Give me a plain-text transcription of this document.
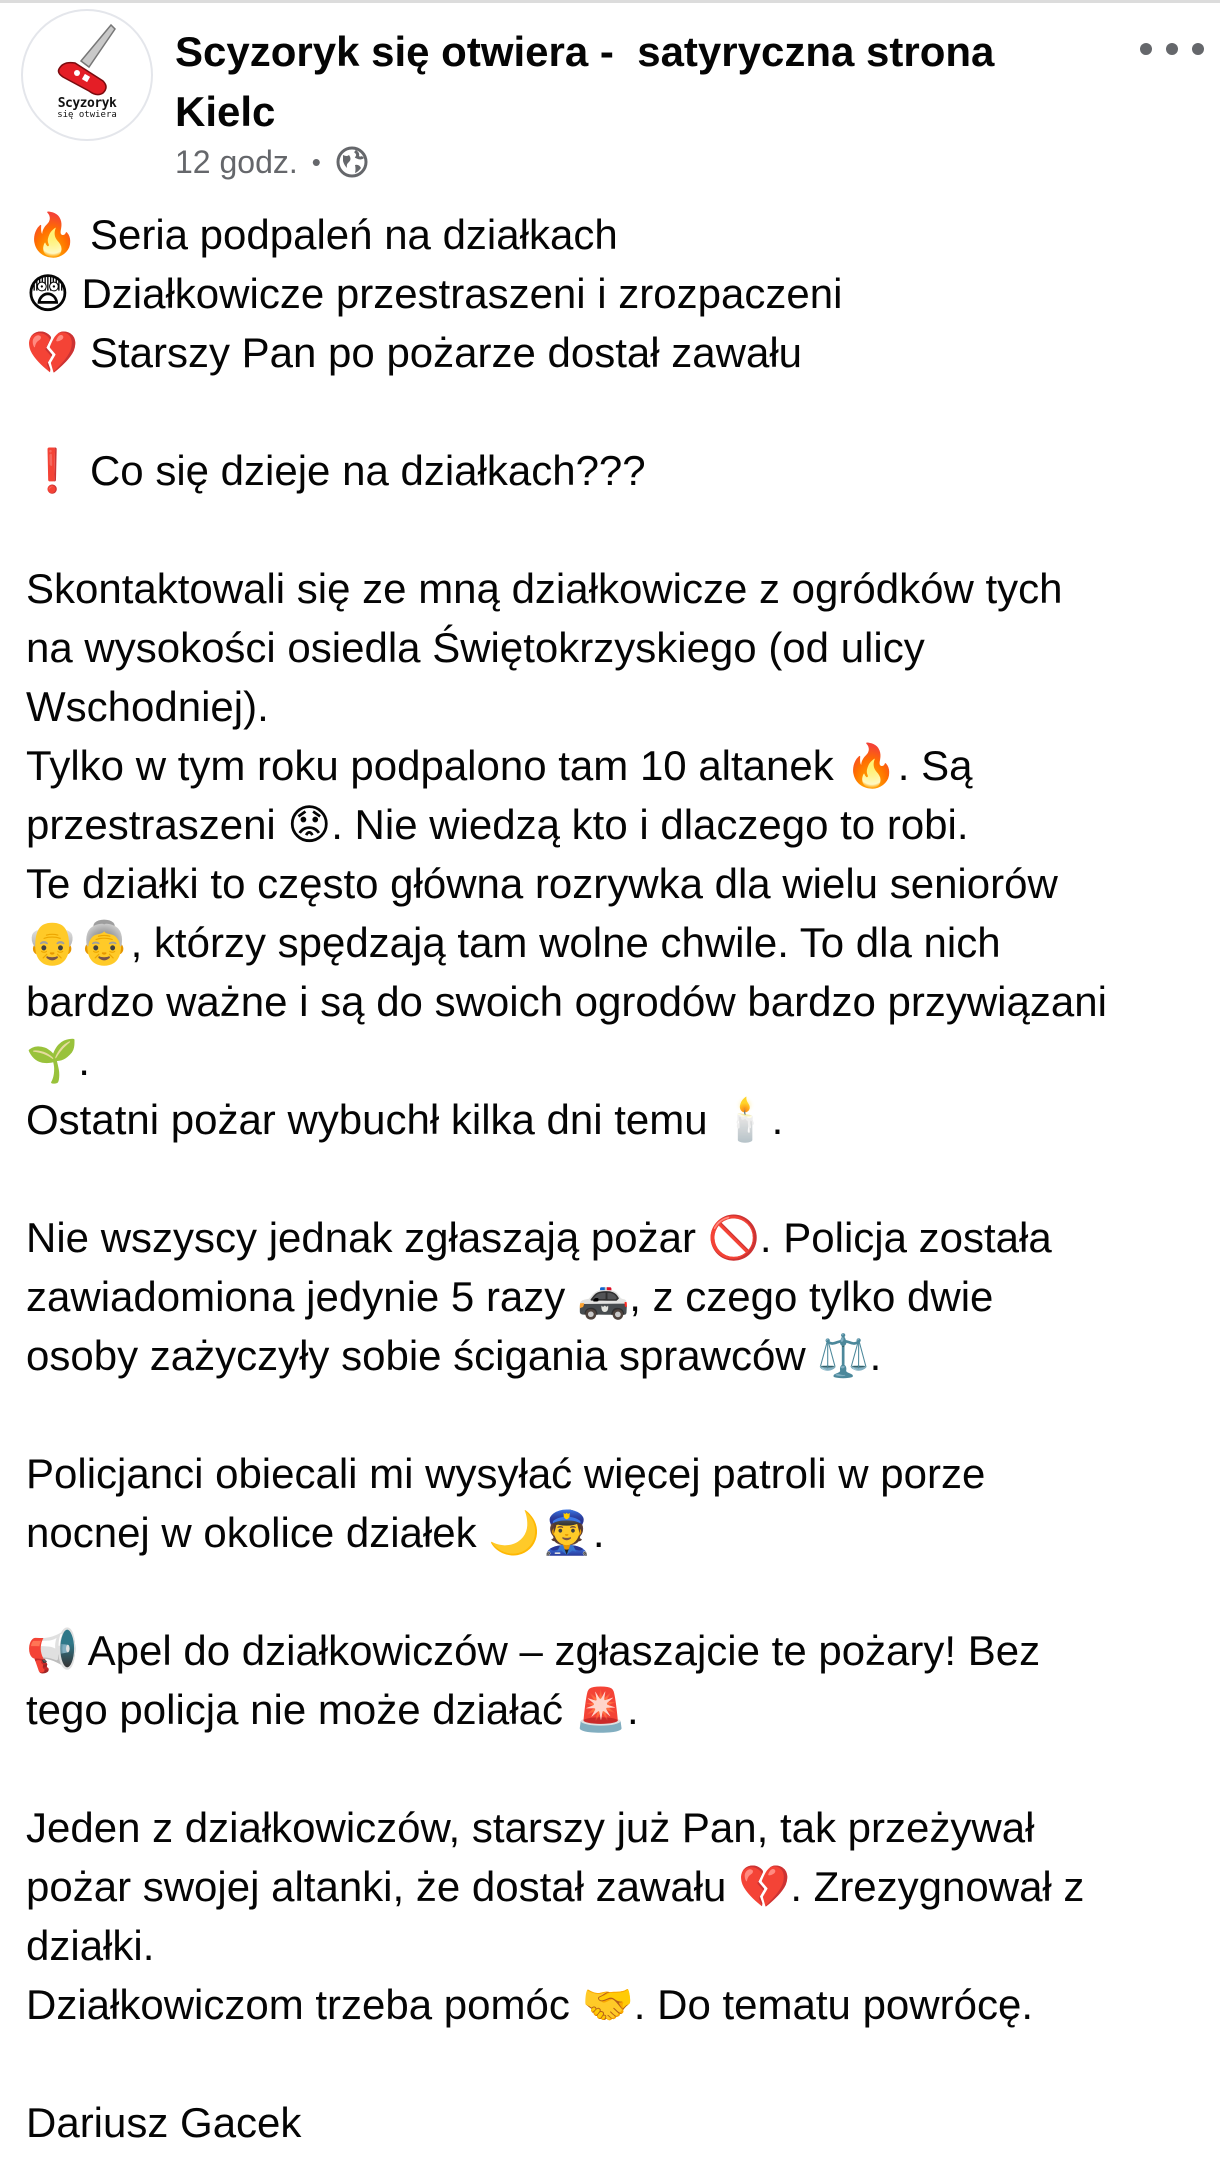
Scyzoryk
się otwiera
Scyzoryk się otwiera -  satyryczna strona Kielc
12 godz. •
🔥 Seria podpaleń na działkach
😨 Działkowicze przestraszeni i zrozpaczeni
💔 Starszy Pan po pożarze dostał zawału
❗ Co się dzieje na działkach???
Skontaktowali się ze mną działkowicze z ogródków tych
na wysokości osiedla Świętokrzyskiego (od ulicy
Wschodniej).
Tylko w tym roku podpalono tam 10 altanek 🔥. Są
przestraszeni 😟. Nie wiedzą kto i dlaczego to robi.
Te działki to często główna rozrywka dla wielu seniorów
👴👵, którzy spędzają tam wolne chwile. To dla nich
bardzo ważne i są do swoich ogrodów bardzo przywiązani
🌱.
Ostatni pożar wybuchł kilka dni temu 🕯️.
Nie wszyscy jednak zgłaszają pożar 🚫. Policja została
zawiadomiona jedynie 5 razy 🚓, z czego tylko dwie
osoby zażyczyły sobie ścigania sprawców ⚖️.
Policjanci obiecali mi wysyłać więcej patroli w porze
nocnej w okolice działek 🌙👮.
📢 Apel do działkowiczów – zgłaszajcie te pożary! Bez
tego policja nie może działać 🚨.
Jeden z działkowiczów, starszy już Pan, tak przeżywał
pożar swojej altanki, że dostał zawału 💔. Zrezygnował z
działki.
Działkowiczom trzeba pomóc 🤝. Do tematu powrócę.
Dariusz Gacek
